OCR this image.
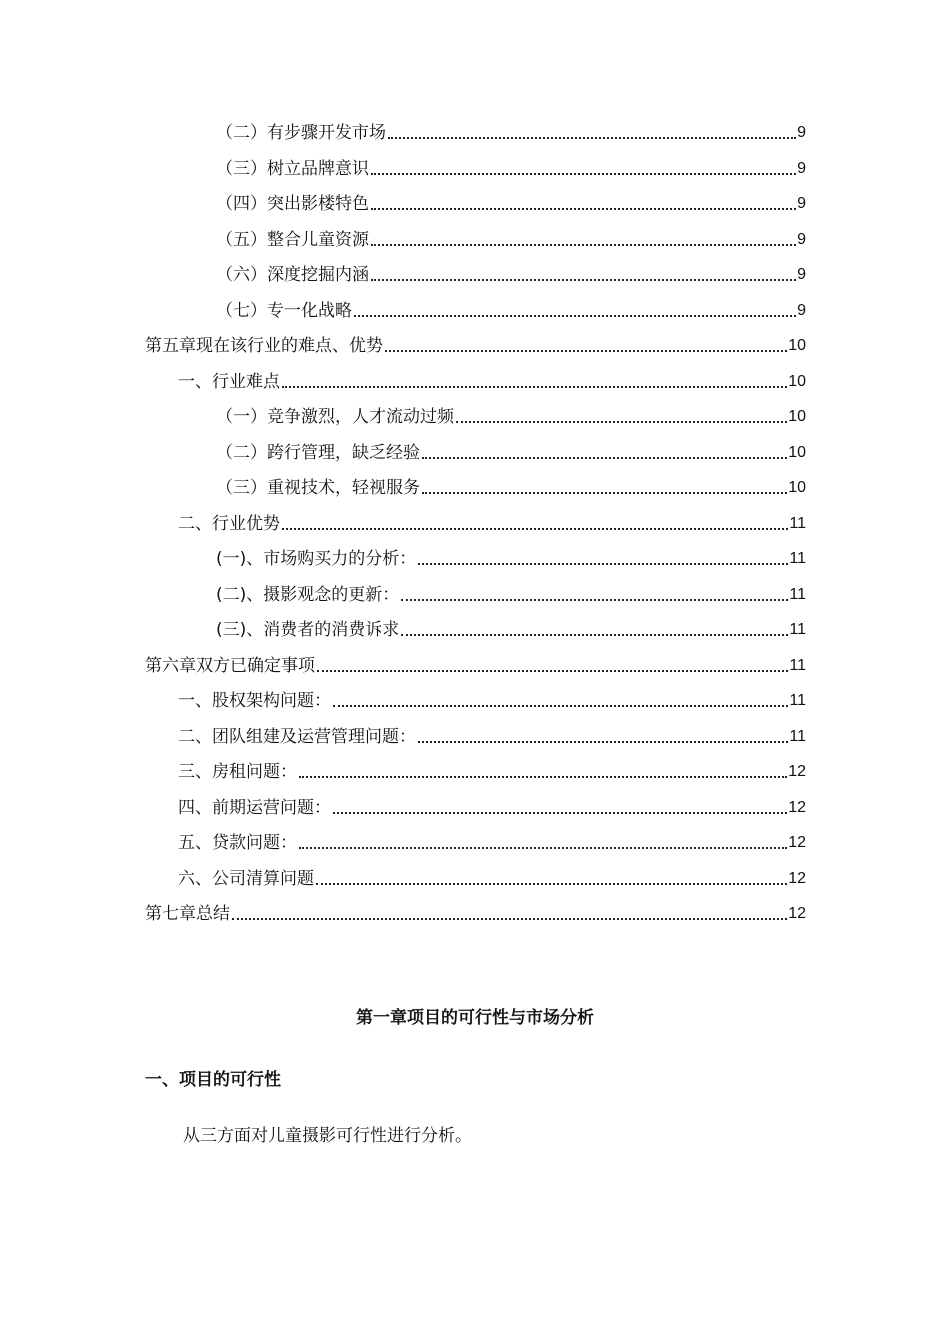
（二）有步骤开发市场	9
（三）树立品牌意识	9
（四）突出影楼特色	9
（五）整合儿童资源	9
（六）深度挖掘内涵	9
（七）专一化战略	9
第五章现在该行业的难点、优势	10
一、行业难点	10
（一）竞争激烈，人才流动过频	10
（二）跨行管理，缺乏经验	10
（三）重视技术，轻视服务	10
二、行业优势	11
(一)、市场购买力的分析：	11
(二)、摄影观念的更新：	11
(三)、消费者的消费诉求	11
第六章双方已确定事项	11
一、股权架构问题：	11
二、团队组建及运营管理问题：	11
三、房租问题：	12
四、前期运营问题：	12
五、贷款问题：	12
六、公司清算问题	12
第七章总结	12
第一章项目的可行性与市场分析
一、项目的可行性
从三方面对儿童摄影可行性进行分析。
